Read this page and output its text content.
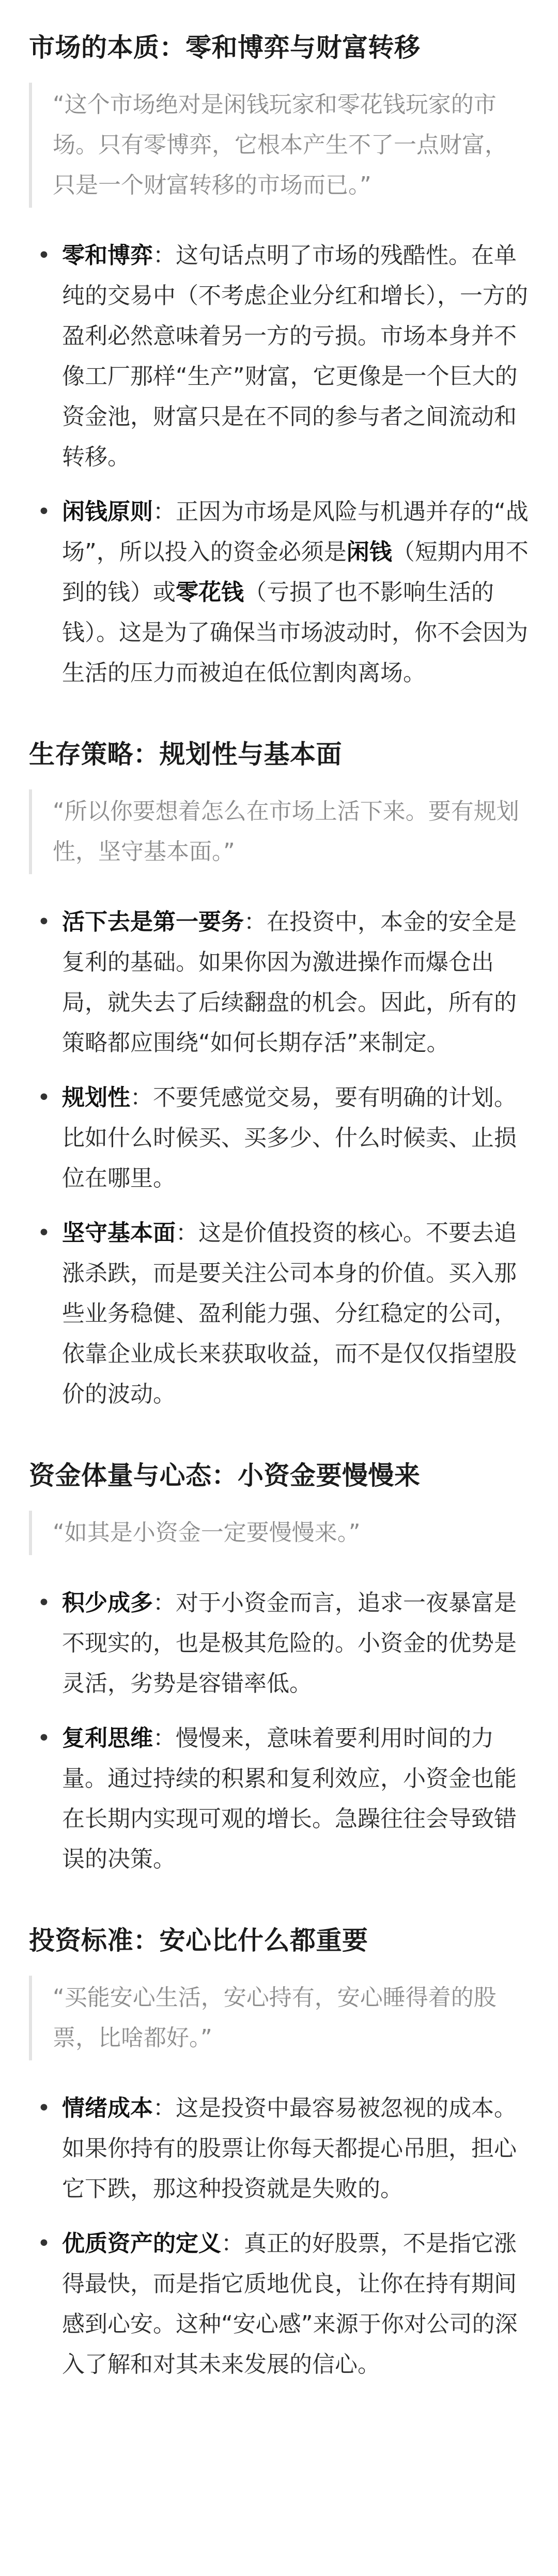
市场的本质：零和博弈与财富转移
“这个市场绝对是闲钱玩家和零花钱玩家的市场。只有零博弈，它根本产生不了一点财富，只是一个财富转移的市场而已。”
• 零和博弈：这句话点明了市场的残酷性。在单纯的交易中（不考虑企业分红和增长），一方的盈利必然意味着另一方的亏损。市场本身并不像工厂那样“生产”财富，它更像是一个巨大的资金池，财富只是在不同的参与者之间流动和转移。
• 闲钱原则：正因为市场是风险与机遇并存的“战场”，所以投入的资金必须是闲钱（短期内用不到的钱）或零花钱（亏损了也不影响生活的钱）。这是为了确保当市场波动时，你不会因为生活的压力而被迫在低位割肉离场。
生存策略：规划性与基本面
“所以你要想着怎么在市场上活下来。要有规划性，坚守基本面。”
• 活下去是第一要务：在投资中，本金的安全是复利的基础。如果你因为激进操作而爆仓出局，就失去了后续翻盘的机会。因此，所有的策略都应围绕“如何长期存活”来制定。
• 规划性：不要凭感觉交易，要有明确的计划。比如什么时候买、买多少、什么时候卖、止损位在哪里。
• 坚守基本面：这是价值投资的核心。不要去追涨杀跌，而是要关注公司本身的价值。买入那些业务稳健、盈利能力强、分红稳定的公司，依靠企业成长来获取收益，而不是仅仅指望股价的波动。
资金体量与心态：小资金要慢慢来
“如其是小资金一定要慢慢来。”
• 积少成多：对于小资金而言，追求一夜暴富是不现实的，也是极其危险的。小资金的优势是灵活，劣势是容错率低。
• 复利思维：慢慢来，意味着要利用时间的力量。通过持续的积累和复利效应，小资金也能在长期内实现可观的增长。急躁往往会导致错误的决策。
投资标准：安心比什么都重要
“买能安心生活，安心持有，安心睡得着的股票，比啥都好。”
• 情绪成本：这是投资中最容易被忽视的成本。如果你持有的股票让你每天都提心吊胆，担心它下跌，那这种投资就是失败的。
• 优质资产的定义：真正的好股票，不是指它涨得最快，而是指它质地优良，让你在持有期间感到心安。这种“安心感”来源于你对公司的深入了解和对其未来发展的信心。
